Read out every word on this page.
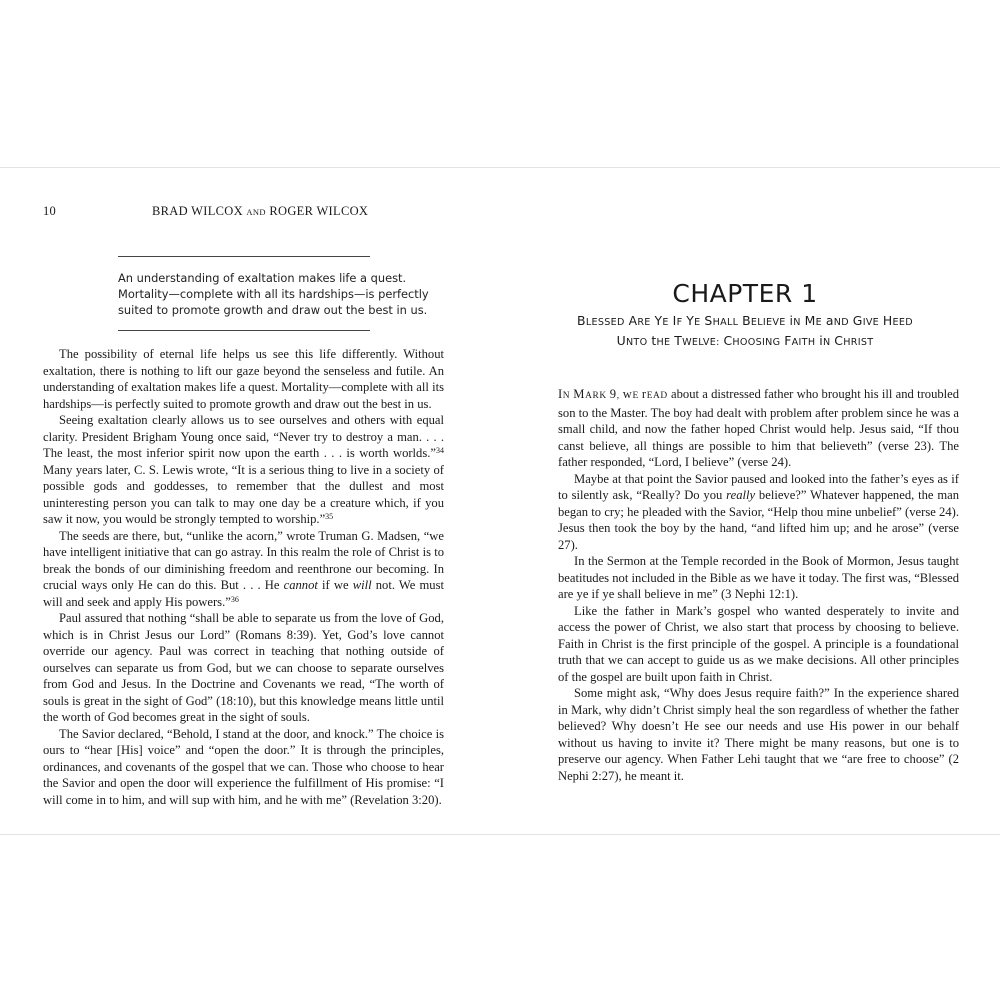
10	BRAD WILCOX AND ROGER WILCOX

An understanding of exaltation makes life a quest.

Mortality—complete with all its hardships—is perfectly

suited to promote growth and draw out the best in us.

The possibility of eternal life helps us see this life differently. Without exaltation, there is nothing to lift our gaze beyond the senseless and futile. An understanding of exaltation makes life a quest. Mortality—complete with all its hardships—is perfectly suited to promote growth and draw out the best in us.

Seeing exaltation clearly allows us to see ourselves and others with equal clarity. President Brigham Young once said, “Never try to destroy a man. . . . The least, the most inferior spirit now upon the earth . . . is worth worlds.”$^{34}$ Many years later, C. S. Lewis wrote, “It is a serious thing to live in a society of possible gods and goddesses, to remember that the dullest and most uninteresting person you can talk to may one day be a creature which, if you saw it now, you would be strongly tempted to worship.”$^{35}$

The seeds are there, but, “unlike the acorn,” wrote Truman G. Madsen, “we have intelligent initiative that can go astray. In this realm the role of Christ is to break the bonds of our diminishing freedom and reenthrone our becoming. In crucial ways only He can do this. But . . . He cannot if we will not. We must will and seek and apply His powers.”$^{36}$

Paul assured that nothing “shall be able to separate us from the love of God, which is in Christ Jesus our Lord” (Romans 8:39). Yet, God’s love cannot override our agency. Paul was correct in teaching that nothing outside of ourselves can separate us from God, but we can choose to separate ourselves from God and Jesus. In the Doctrine and Covenants we read, “The worth of souls is great in the sight of God” (18:10), but this knowledge means little until the worth of God becomes great in the sight of souls.

The Savior declared, “Behold, I stand at the door, and knock.” The choice is ours to “hear [His] voice” and “open the door.” It is through the principles, ordinances, and covenants of the gospel that we can. Those who choose to hear the Savior and open the door will experience the fulfillment of His promise: “I will come in to him, and will sup with him, and he with me” (Revelation 3:20).

CHAPTER 1
BLESSED ARE YE IF YE SHALL BELIEVE iN ME aND GIVE HEED
UNTO tHE TWELVE: CHOOSING FAITH iN CHRIST

IN MARK 9, wE rEAD about a distressed father who brought his ill and troubled son to the Master. The boy had dealt with problem after problem since he was a small child, and now the father hoped Christ would help. Jesus said, “If thou canst believe, all things are possible to him that believeth” (verse 23). The father responded, “Lord, I believe” (verse 24).

Maybe at that point the Savior paused and looked into the father’s eyes as if to silently ask, “Really? Do you really believe?” Whatever happened, the man began to cry; he pleaded with the Savior, “Help thou mine unbelief” (verse 24). Jesus then took the boy by the hand, “and lifted him up; and he arose” (verse 27).

In the Sermon at the Temple recorded in the Book of Mormon, Jesus taught beatitudes not included in the Bible as we have it today. The first was, “Blessed are ye if ye shall believe in me” (3 Nephi 12:1).

Like the father in Mark’s gospel who wanted desperately to invite and access the power of Christ, we also start that process by choosing to believe. Faith in Christ is the first principle of the gospel. A principle is a foundational truth that we can accept to guide us as we make decisions. All other principles of the gospel are built upon faith in Christ.

Some might ask, “Why does Jesus require faith?” In the experience shared in Mark, why didn’t Christ simply heal the son regardless of whether the father believed? Why doesn’t He see our needs and use His power in our behalf without us having to invite it? There might be many reasons, but one is to preserve our agency. When Father Lehi taught that we “are free to choose” (2 Nephi 2:27), he meant it.
